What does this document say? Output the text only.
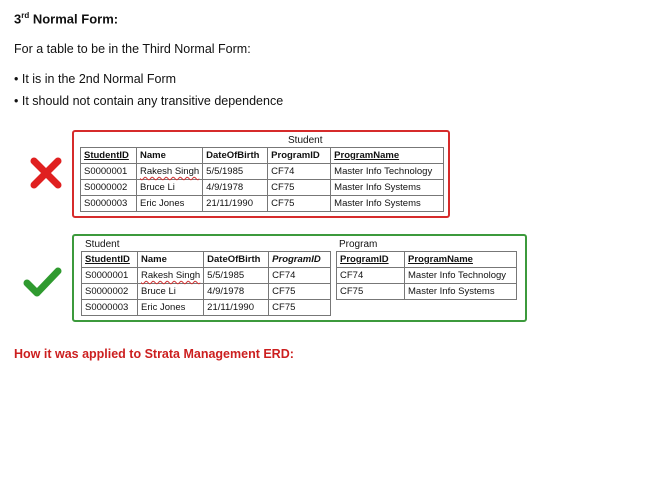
3rd Normal Form:
For a table to be in the Third Normal Form:
• It is in the 2nd Normal Form
• It should not contain any transitive dependence
Student
StudentID	Name	DateOfBirth	ProgramID	ProgramName
S0000001	Rakesh Singh	5/5/1985	CF74	Master Info Technology
S0000002	Bruce Li	4/9/1978	CF75	Master Info Systems
S0000003	Eric Jones	21/11/1990	CF75	Master Info Systems
Student
StudentID	Name	DateOfBirth	ProgramID
S0000001	Rakesh Singh	5/5/1985	CF74
S0000002	Bruce Li	4/9/1978	CF75
S0000003	Eric Jones	21/11/1990	CF75
Program
ProgramID	ProgramName
CF74	Master Info Technology
CF75	Master Info Systems
How it was applied to Strata Management ERD:
